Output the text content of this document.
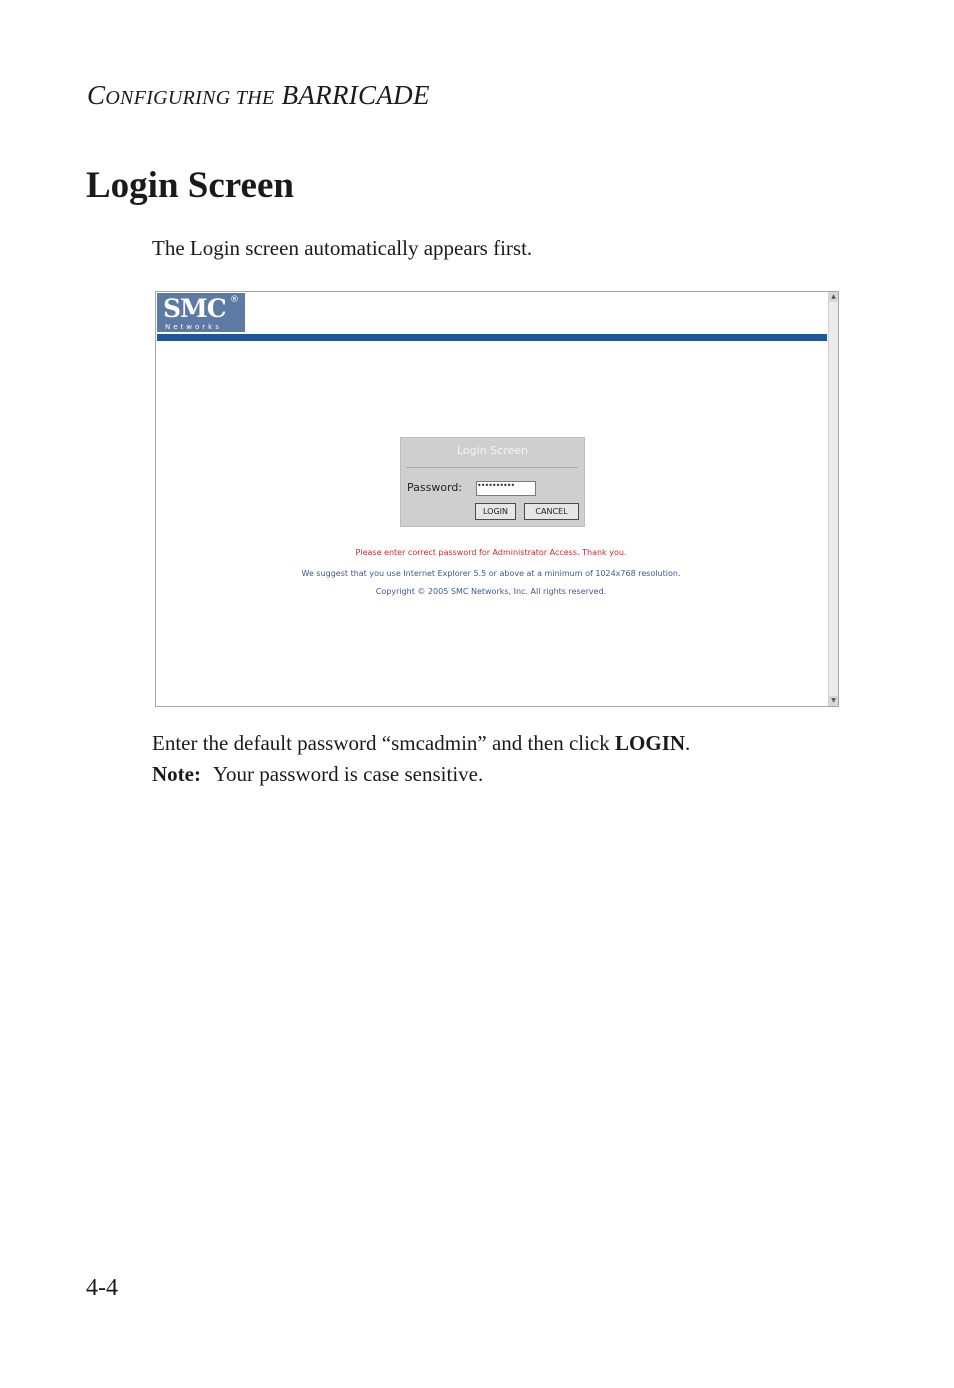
CONFIGURING THE BARRICADE
Login Screen
The Login screen automatically appears first.
SMC ®
Networks
▲
▼
Login Screen
Password: ••••••••••
LOGIN	CANCEL
Please enter correct password for Administrator Access. Thank you.
We suggest that you use Internet Explorer 5.5 or above at a minimum of 1024x768 resolution.
Copyright © 2005 SMC Networks, Inc. All rights reserved.
Enter the default password “smcadmin” and then click LOGIN.
Note: Your password is case sensitive.
4-4
